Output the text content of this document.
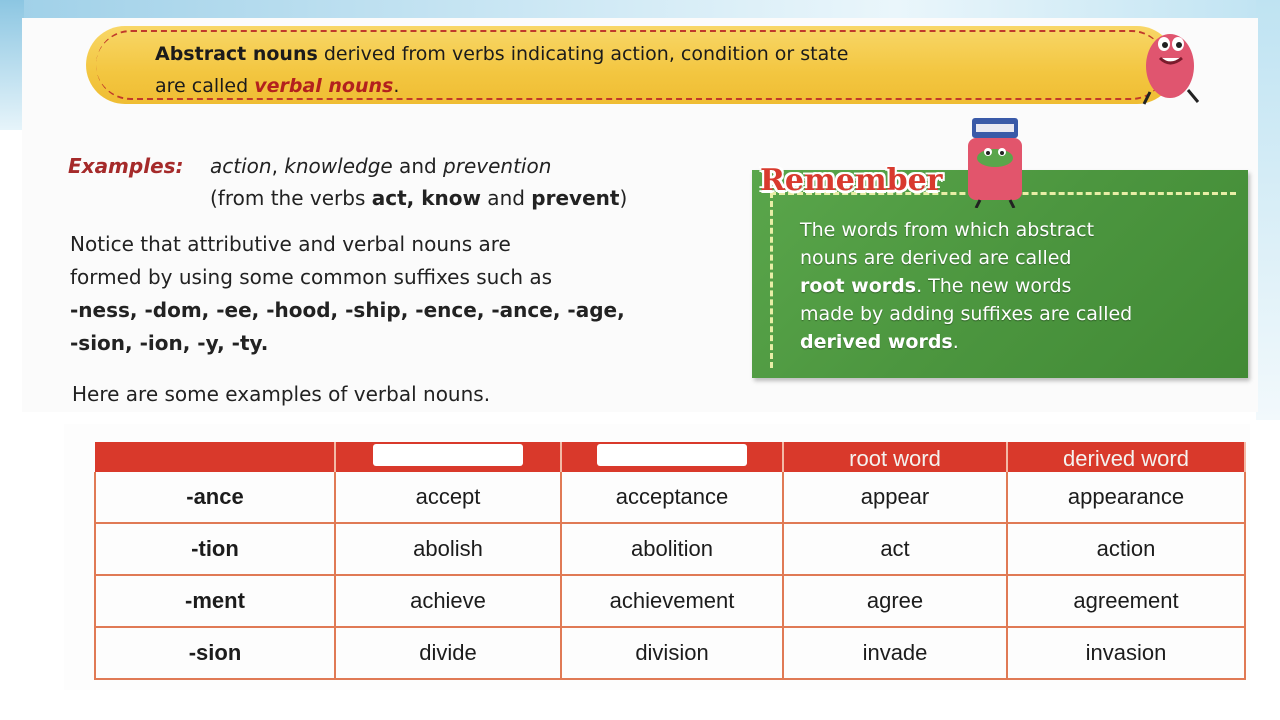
Abstract nouns derived from verbs indicating action, condition or state
are called verbal nouns.
Examples: action, knowledge and prevention
(from the verbs act, know and prevent)
Notice that attributive and verbal nouns are
formed by using some common suffixes such as
-ness, -dom, -ee, -hood, -ship, -ence, -ance, -age,
-sion, -ion, -y, -ty.
Here are some examples of verbal nouns.
Remember
The words from which abstract
nouns are derived are called
root words. The new words
made by adding suffixes are called
derived words.
			root word	derived word
-ance	accept	acceptance	appear	appearance
-tion	abolish	abolition	act	action
-ment	achieve	achievement	agree	agreement
-sion	divide	division	invade	invasion
